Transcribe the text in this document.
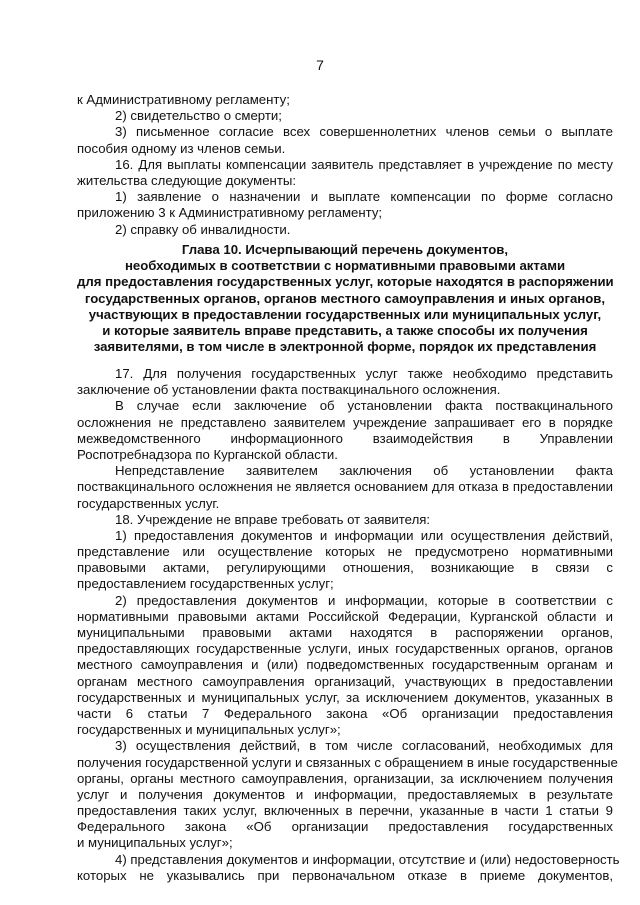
7
к Административному регламенту;
2) свидетельство о смерти;
3) письменное согласие всех совершеннолетних членов семьи о выплате
пособия одному из членов семьи.
16. Для выплаты компенсации заявитель представляет в учреждение по месту
жительства следующие документы:
1) заявление о назначении и выплате компенсации по форме согласно
приложению 3 к Административному регламенту;
2) справку об инвалидности.
Глава 10. Исчерпывающий перечень документов,
необходимых в соответствии с нормативными правовыми актами
для предоставления государственных услуг, которые находятся в распоряжении
государственных органов, органов местного самоуправления и иных органов,
участвующих в предоставлении государственных или муниципальных услуг,
и которые заявитель вправе представить, а также способы их получения
заявителями, в том числе в электронной форме, порядок их представления
17. Для получения государственных услуг также необходимо представить
заключение об установлении факта поствакцинального осложнения.
В случае если заключение об установлении факта поствакцинального
осложнения не представлено заявителем учреждение запрашивает его в порядке
межведомственного информационного взаимодействия в Управлении
Роспотребнадзора по Курганской области.
Непредставление заявителем заключения об установлении факта
поствакцинального осложнения не является основанием для отказа в предоставлении
государственных услуг.
18. Учреждение не вправе требовать от заявителя:
1) предоставления документов и информации или осуществления действий,
представление или осуществление которых не предусмотрено нормативными
правовыми актами, регулирующими отношения, возникающие в связи с
предоставлением государственных услуг;
2) предоставления документов и информации, которые в соответствии с
нормативными правовыми актами Российской Федерации, Курганской области и
муниципальными правовыми актами находятся в распоряжении органов,
предоставляющих государственные услуги, иных государственных органов, органов
местного самоуправления и (или) подведомственных государственным органам и
органам местного самоуправления организаций, участвующих в предоставлении
государственных и муниципальных услуг, за исключением документов, указанных в
части 6 статьи 7 Федерального закона «Об организации предоставления
государственных и муниципальных услуг»;
3) осуществления действий, в том числе согласований, необходимых для
получения государственной услуги и связанных с обращением в иные государственные
органы, органы местного самоуправления, организации, за исключением получения
услуг и получения документов и информации, предоставляемых в результате
предоставления таких услуг, включенных в перечни, указанные в части 1 статьи 9
Федерального закона «Об организации предоставления государственных
и муниципальных услуг»;
4) представления документов и информации, отсутствие и (или) недостоверность
которых не указывались при первоначальном отказе в приеме документов,
